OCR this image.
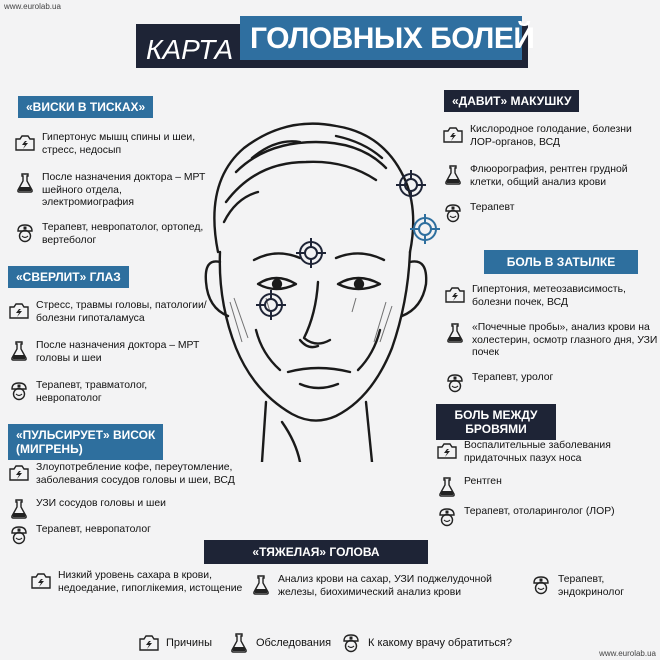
www.eurolab.ua
КАРТА ГОЛОВНЫХ БОЛЕЙ
«ВИСКИ В ТИСКАХ»
Гипертонус мышц спины и шеи, стресс, недосып
После назначения доктора – МРТ шейного отдела, электромиография
Терапевт, невропатолог, ортопед, вертеболог
«СВЕРЛИТ» ГЛАЗ
Стресс, травмы головы, патологии/болезни гипоталамуса
После назначения доктора – МРТ головы и шеи
Терапевт, травматолог, невропатолог
«ПУЛЬСИРУЕТ» ВИСОК
(МИГРЕНЬ)
Злоупотребление кофе, переутомление, заболевания сосудов головы и шеи, ВСД
УЗИ сосудов головы и шеи
Терапевт, невропатолог
«ДАВИТ» МАКУШКУ
Кислородное голодание, болезни ЛОР-органов, ВСД
Флюорография, рентген грудной клетки, общий анализ крови
Терапевт
БОЛЬ В ЗАТЫЛКЕ
Гипертония, метеозависимость, болезни почек, ВСД
«Почечные пробы», анализ крови на холестерин, осмотр глазного дня, УЗИ почек
Терапевт, уролог
БОЛЬ МЕЖДУ
БРОВЯМИ
Воспалительные заболевания придаточных пазух носа
Рентген
Терапевт, отоларинголог (ЛОР)
«ТЯЖЕЛАЯ» ГОЛОВА
Низкий уровень сахара в крови, недоедание, гипоглікемия, истощение
Анализ крови на сахар, УЗИ поджелудочной железы, биохимический анализ крови
Терапевт, эндокринолог
Причины	Обследования	К какому врачу обратиться?
www.eurolab.ua
